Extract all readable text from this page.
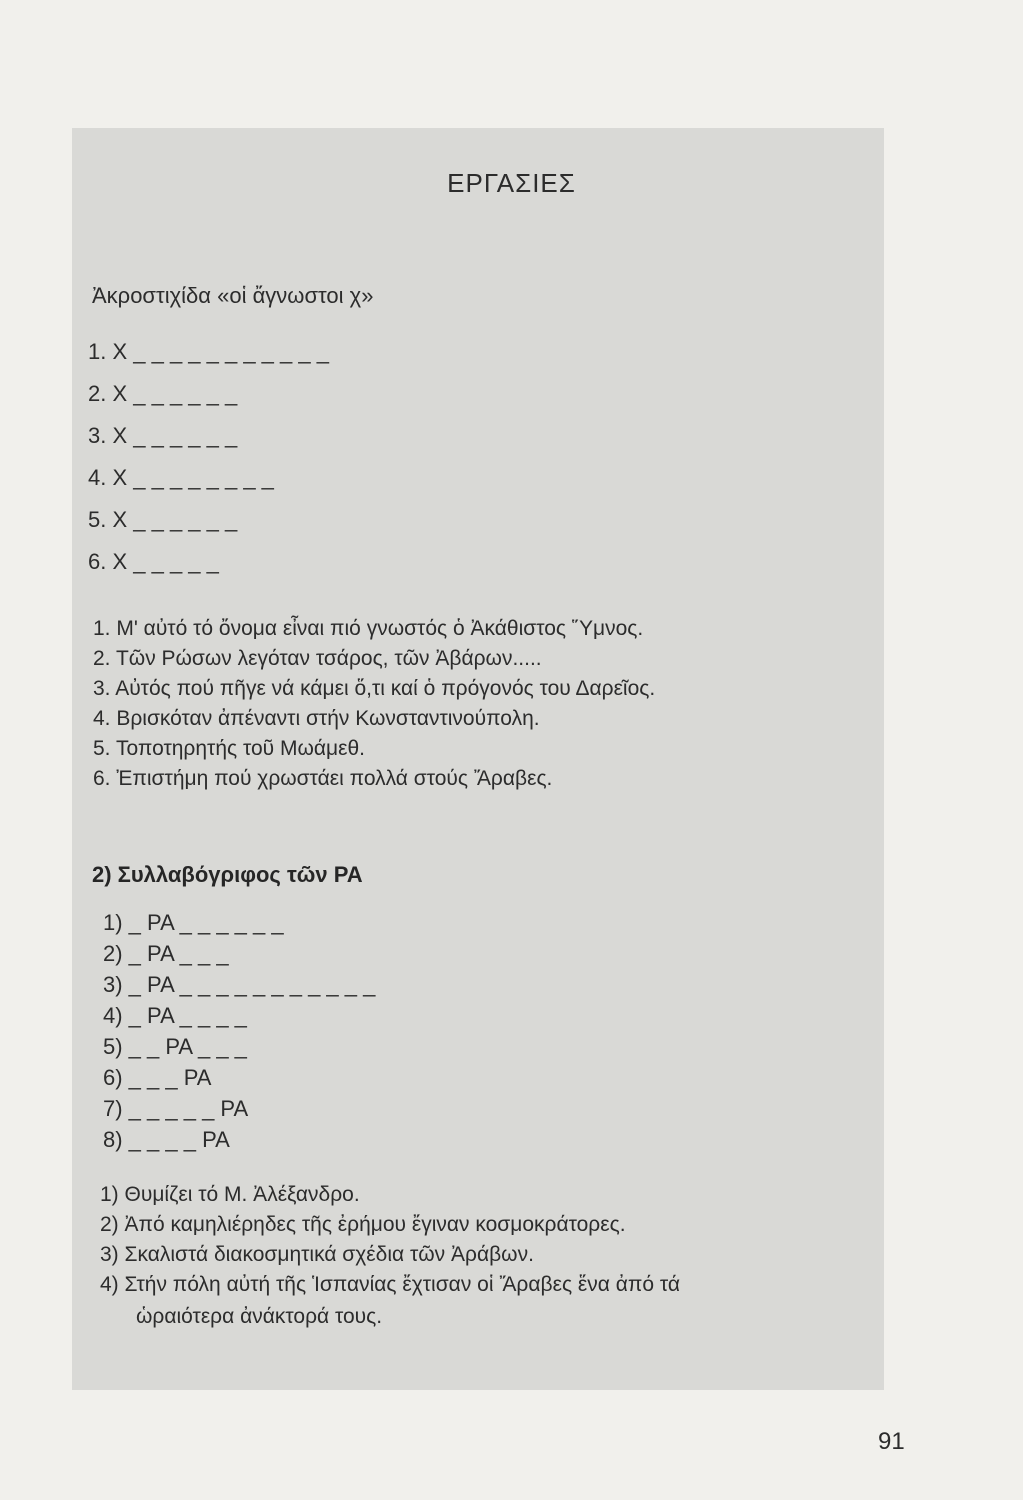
ΕΡΓΑΣΙΕΣ
Ἀκροστιχίδα «οἱ ἄγνωστοι χ»
1. Χ _ _ _ _ _ _ _ _ _ _ _
2. Χ _ _ _ _ _ _
3. Χ _ _ _ _ _ _
4. Χ _ _ _ _ _ _ _ _
5. Χ _ _ _ _ _ _
6. Χ _ _ _ _ _
1. Μ' αὐτό τό ὄνομα εἶναι πιό γνωστός ὁ Ἀκάθιστος Ὕμνος.
2. Τῶν Ρώσων λεγόταν τσάρος, τῶν Ἀβάρων.....
3. Αὐτός πού πῆγε νά κάμει ὅ,τι καί ὁ πρόγονός του Δαρεῖος.
4. Βρισκόταν ἀπέναντι στήν Κωνσταντινούπολη.
5. Τοποτηρητής τοῦ Μωάμεθ.
6. Ἐπιστήμη πού χρωστάει πολλά στούς Ἄραβες.
2) Συλλαβόγριφος τῶν ΡΑ
1) _ ΡΑ _ _ _ _ _ _
2) _ ΡΑ _ _ _
3) _ ΡΑ _ _ _ _ _ _ _ _ _ _ _
4) _ ΡΑ _ _ _ _
5) _ _ ΡΑ _ _ _
6) _ _ _ ΡΑ
7) _ _ _ _ _ ΡΑ
8) _ _ _ _ ΡΑ
1) Θυμίζει τό Μ. Ἀλέξανδρο.
2) Ἀπό καμηλιέρηδες τῆς ἐρήμου ἔγιναν κοσμοκράτορες.
3) Σκαλιστά διακοσμητικά σχέδια τῶν Ἀράβων.
4) Στήν πόλη αὐτή τῆς Ἱσπανίας ἔχτισαν οἱ Ἄραβες ἕνα ἀπό τά
ὡραιότερα ἀνάκτορά τους.
91
